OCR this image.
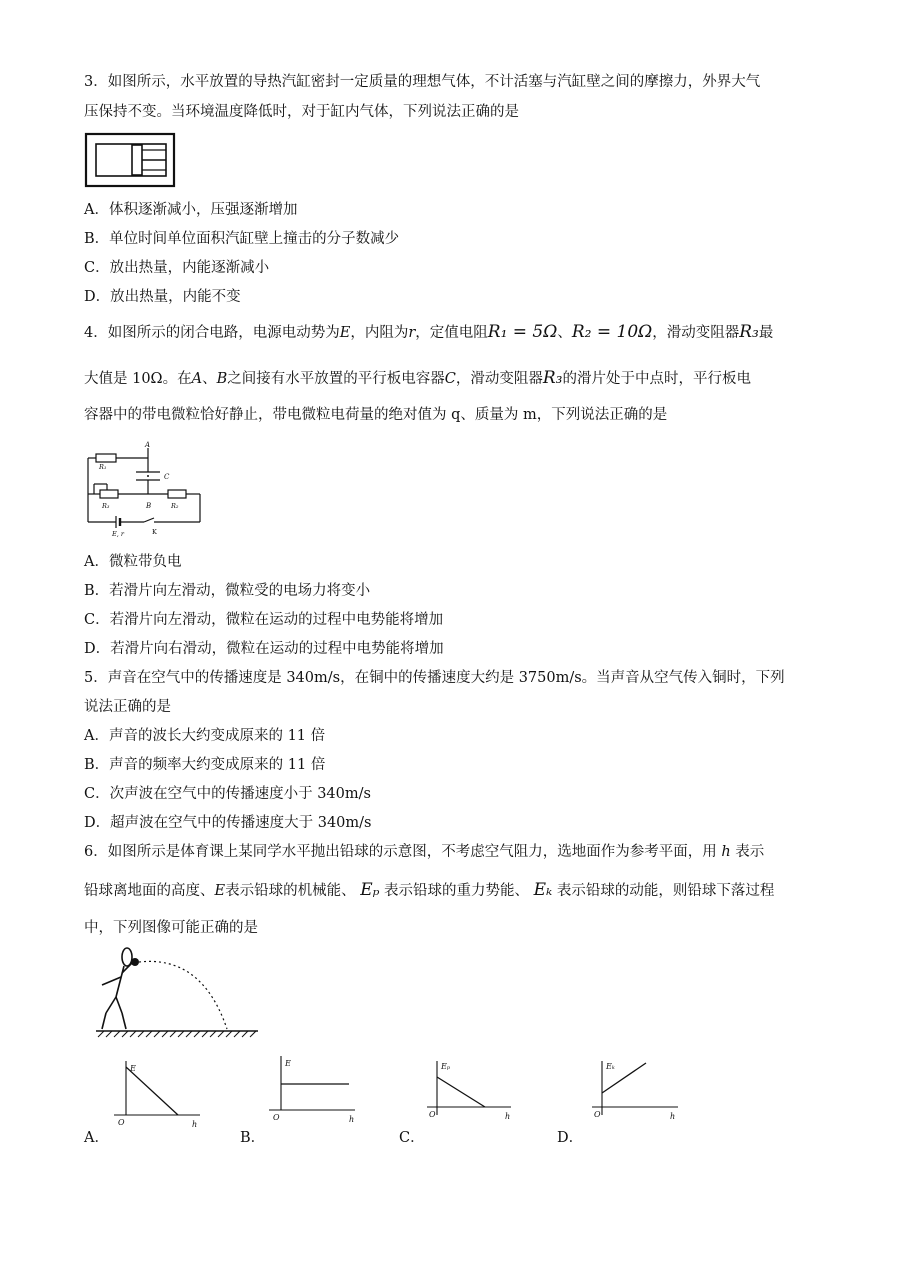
3．如图所示，水平放置的导热汽缸密封一定质量的理想气体，不计活塞与汽缸壁之间的摩擦力，外界大气
压保持不变。当环境温度降低时，对于缸内气体，下列说法正确的是
A．体积逐渐减小，压强逐渐增加
B．单位时间单位面积汽缸壁上撞击的分子数减少
C．放出热量，内能逐渐减小
D．放出热量，内能不变
4．如图所示的闭合电路，电源电动势为E，内阻为r，定值电阻R₁ = 5Ω、R₂ = 10Ω，滑动变阻器R₃最
大值是 10Ω。在A、B之间接有水平放置的平行板电容器C，滑动变阻器R₃的滑片处于中点时，平行板电
容器中的带电微粒恰好静止，带电微粒电荷量的绝对值为 q、质量为 m，下列说法正确的是
A
C
B
R₁
R₂
R₃
E, r	K
A．微粒带负电
B．若滑片向左滑动，微粒受的电场力将变小
C．若滑片向左滑动，微粒在运动的过程中电势能将增加
D．若滑片向右滑动，微粒在运动的过程中电势能将增加
5．声音在空气中的传播速度是 340m/s，在铜中的传播速度大约是 3750m/s。当声音从空气传入铜时，下列
说法正确的是
A．声音的波长大约变成原来的 11 倍
B．声音的频率大约变成原来的 11 倍
C．次声波在空气中的传播速度小于 340m/s
D．超声波在空气中的传播速度大于 340m/s
6．如图所示是体育课上某同学水平抛出铅球的示意图，不考虑空气阻力，选地面作为参考平面，用 h 表示
铅球离地面的高度、E表示铅球的机械能、 Eₚ 表示铅球的重力势能、 Eₖ 表示铅球的动能，则铅球下落过程
中，下列图像可能正确的是
E
O	h
A．
E
O	h
B．
Eₚ
O	h
C．
Eₖ
O	h
D．
